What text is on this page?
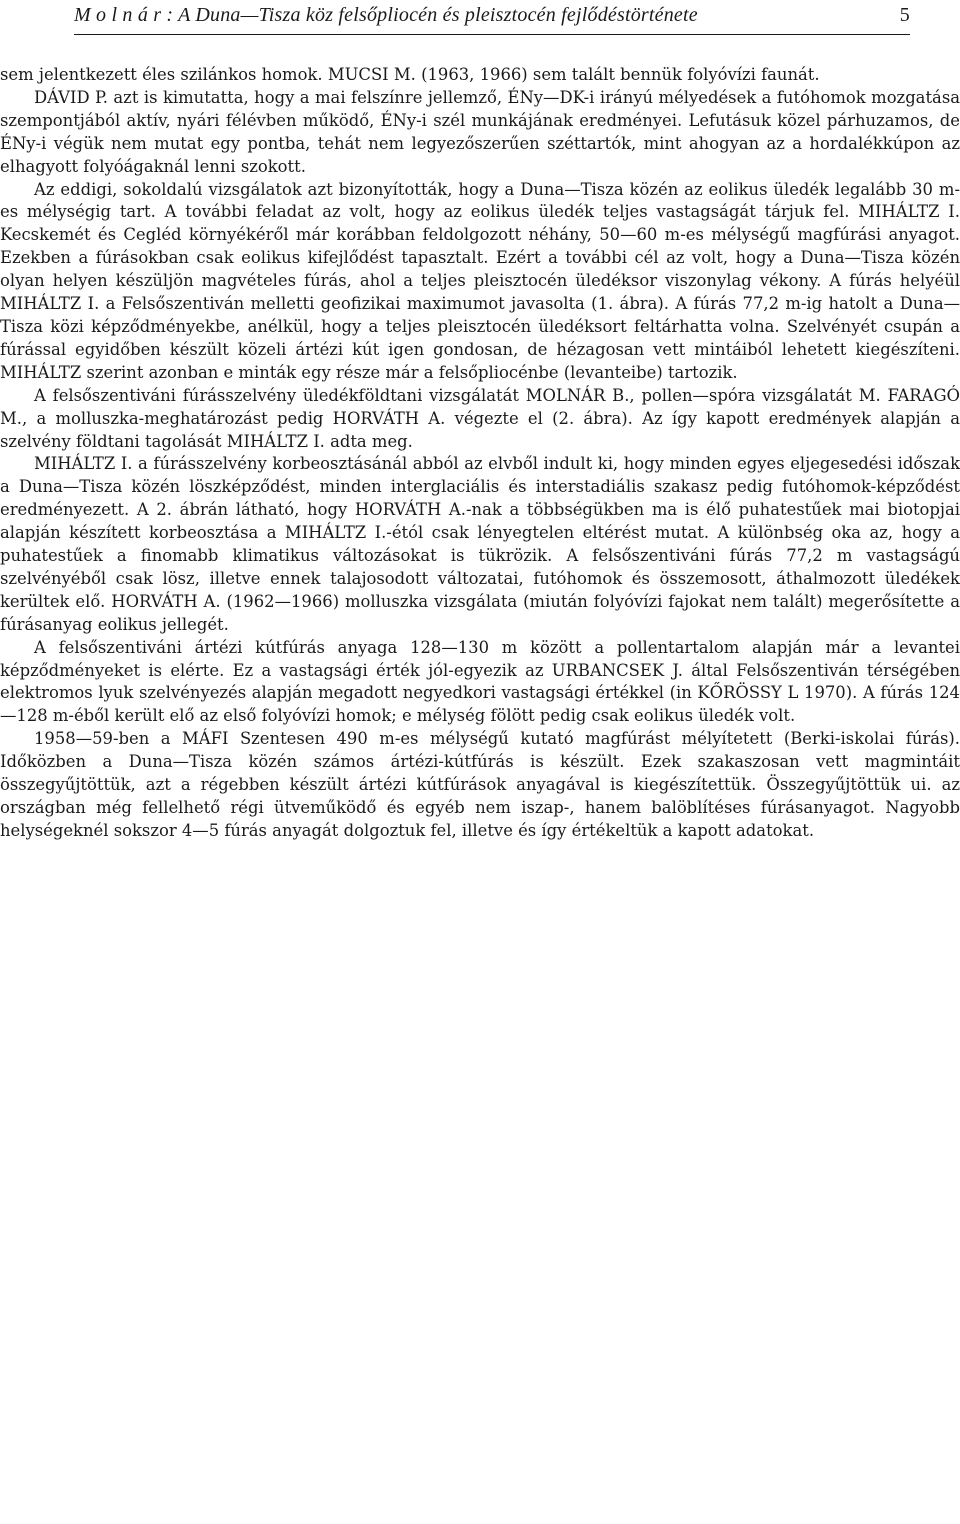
M o l n á r : A Duna—Tisza köz felsőpliocén és pleisztocén fejlődéstörténete	5

sem jelentkezett éles szilánkos homok. MUCSI M. (1963, 1966) sem talált bennük folyóvízi faunát.

DÁVID P. azt is kimutatta, hogy a mai felszínre jellemző, ÉNy—DK-i irányú mélyedések a futóhomok mozgatása szempontjából aktív, nyári félévben működő, ÉNy-i szél munkájának eredményei. Lefutásuk közel párhuzamos, de ÉNy-i végük nem mutat egy pontba, tehát nem legyezőszerűen széttartók, mint ahogyan az a hordalékkúpon az elhagyott folyóágaknál lenni szokott.

Az eddigi, sokoldalú vizsgálatok azt bizonyították, hogy a Duna—Tisza közén az eolikus üledék legalább 30 m-es mélységig tart. A további feladat az volt, hogy az eolikus üledék teljes vastagságát tárjuk fel. MIHÁLTZ I. Kecskemét és Cegléd környékéről már korábban feldolgozott néhány, 50—60 m-es mélységű magfúrási anyagot. Ezekben a fúrásokban csak eolikus kifejlődést tapasztalt. Ezért a további cél az volt, hogy a Duna—Tisza közén olyan helyen készüljön magvételes fúrás, ahol a teljes pleisztocén üledéksor viszonylag vékony. A fúrás helyéül MIHÁLTZ I. a Felsőszentiván melletti geofizikai maximumot javasolta (1. ábra). A fúrás 77,2 m-ig hatolt a Duna—Tisza közi képződményekbe, anélkül, hogy a teljes pleisztocén üledéksort feltárhatta volna. Szelvényét csupán a fúrással egyidőben készült közeli ártézi kút igen gondosan, de hézagosan vett mintáiból lehetett kiegészíteni. MIHÁLTZ szerint azonban e minták egy része már a felsőpliocénbe (levanteibe) tartozik.

A felsőszentiváni fúrásszelvény üledékföldtani vizsgálatát MOLNÁR B., pollen—spóra vizsgálatát M. FARAGÓ M., a molluszka-meghatározást pedig HORVÁTH A. végezte el (2. ábra). Az így kapott eredmények alapján a szelvény földtani tagolását MIHÁLTZ I. adta meg.

MIHÁLTZ I. a fúrásszelvény korbeosztásánál abból az elvből indult ki, hogy minden egyes eljegesedési időszak a Duna—Tisza közén löszképződést, minden interglaciális és interstadiális szakasz pedig futóhomok-képződést eredményezett. A 2. ábrán látható, hogy HORVÁTH A.-nak a többségükben ma is élő puhatestűek mai biotopjai alapján készített korbeosztása a MIHÁLTZ I.-étól csak lényegtelen eltérést mutat. A különbség oka az, hogy a puhatestűek a finomabb klimatikus változásokat is tükrözik. A felsőszentiváni fúrás 77,2 m vastagságú szelvényéből csak lösz, illetve ennek talajosodott változatai, futóhomok és összemosott, áthalmozott üledékek kerültek elő. HORVÁTH A. (1962—1966) molluszka vizsgálata (miután folyóvízi fajokat nem talált) megerősítette a fúrásanyag eolikus jellegét.

A felsőszentiváni ártézi kútfúrás anyaga 128—130 m között a pollentartalom alapján már a levantei képződményeket is elérte. Ez a vastagsági érték jól-egyezik az URBANCSEK J. által Felsőszentiván térségében elektromos lyuk szelvényezés alapján megadott negyedkori vastagsági értékkel (in KŐRÖSSY L 1970). A fúrás 124—128 m-éből került elő az első folyóvízi homok; e mélység fölött pedig csak eolikus üledék volt.

1958—59-ben a MÁFI Szentesen 490 m-es mélységű kutató magfúrást mélyítetett (Berki-iskolai fúrás). Időközben a Duna—Tisza közén számos ártézi-kútfúrás is készült. Ezek szakaszosan vett magmintáit összegyűjtöttük, azt a régebben készült ártézi kútfúrások anyagával is kiegészítettük. Összegyűjtöttük ui. az országban még fellelhető régi ütveműködő és egyéb nem iszap-, hanem balöblítéses fúrásanyagot. Nagyobb helységeknél sokszor 4—5 fúrás anyagát dolgoztuk fel, illetve és így értékeltük a kapott adatokat.
